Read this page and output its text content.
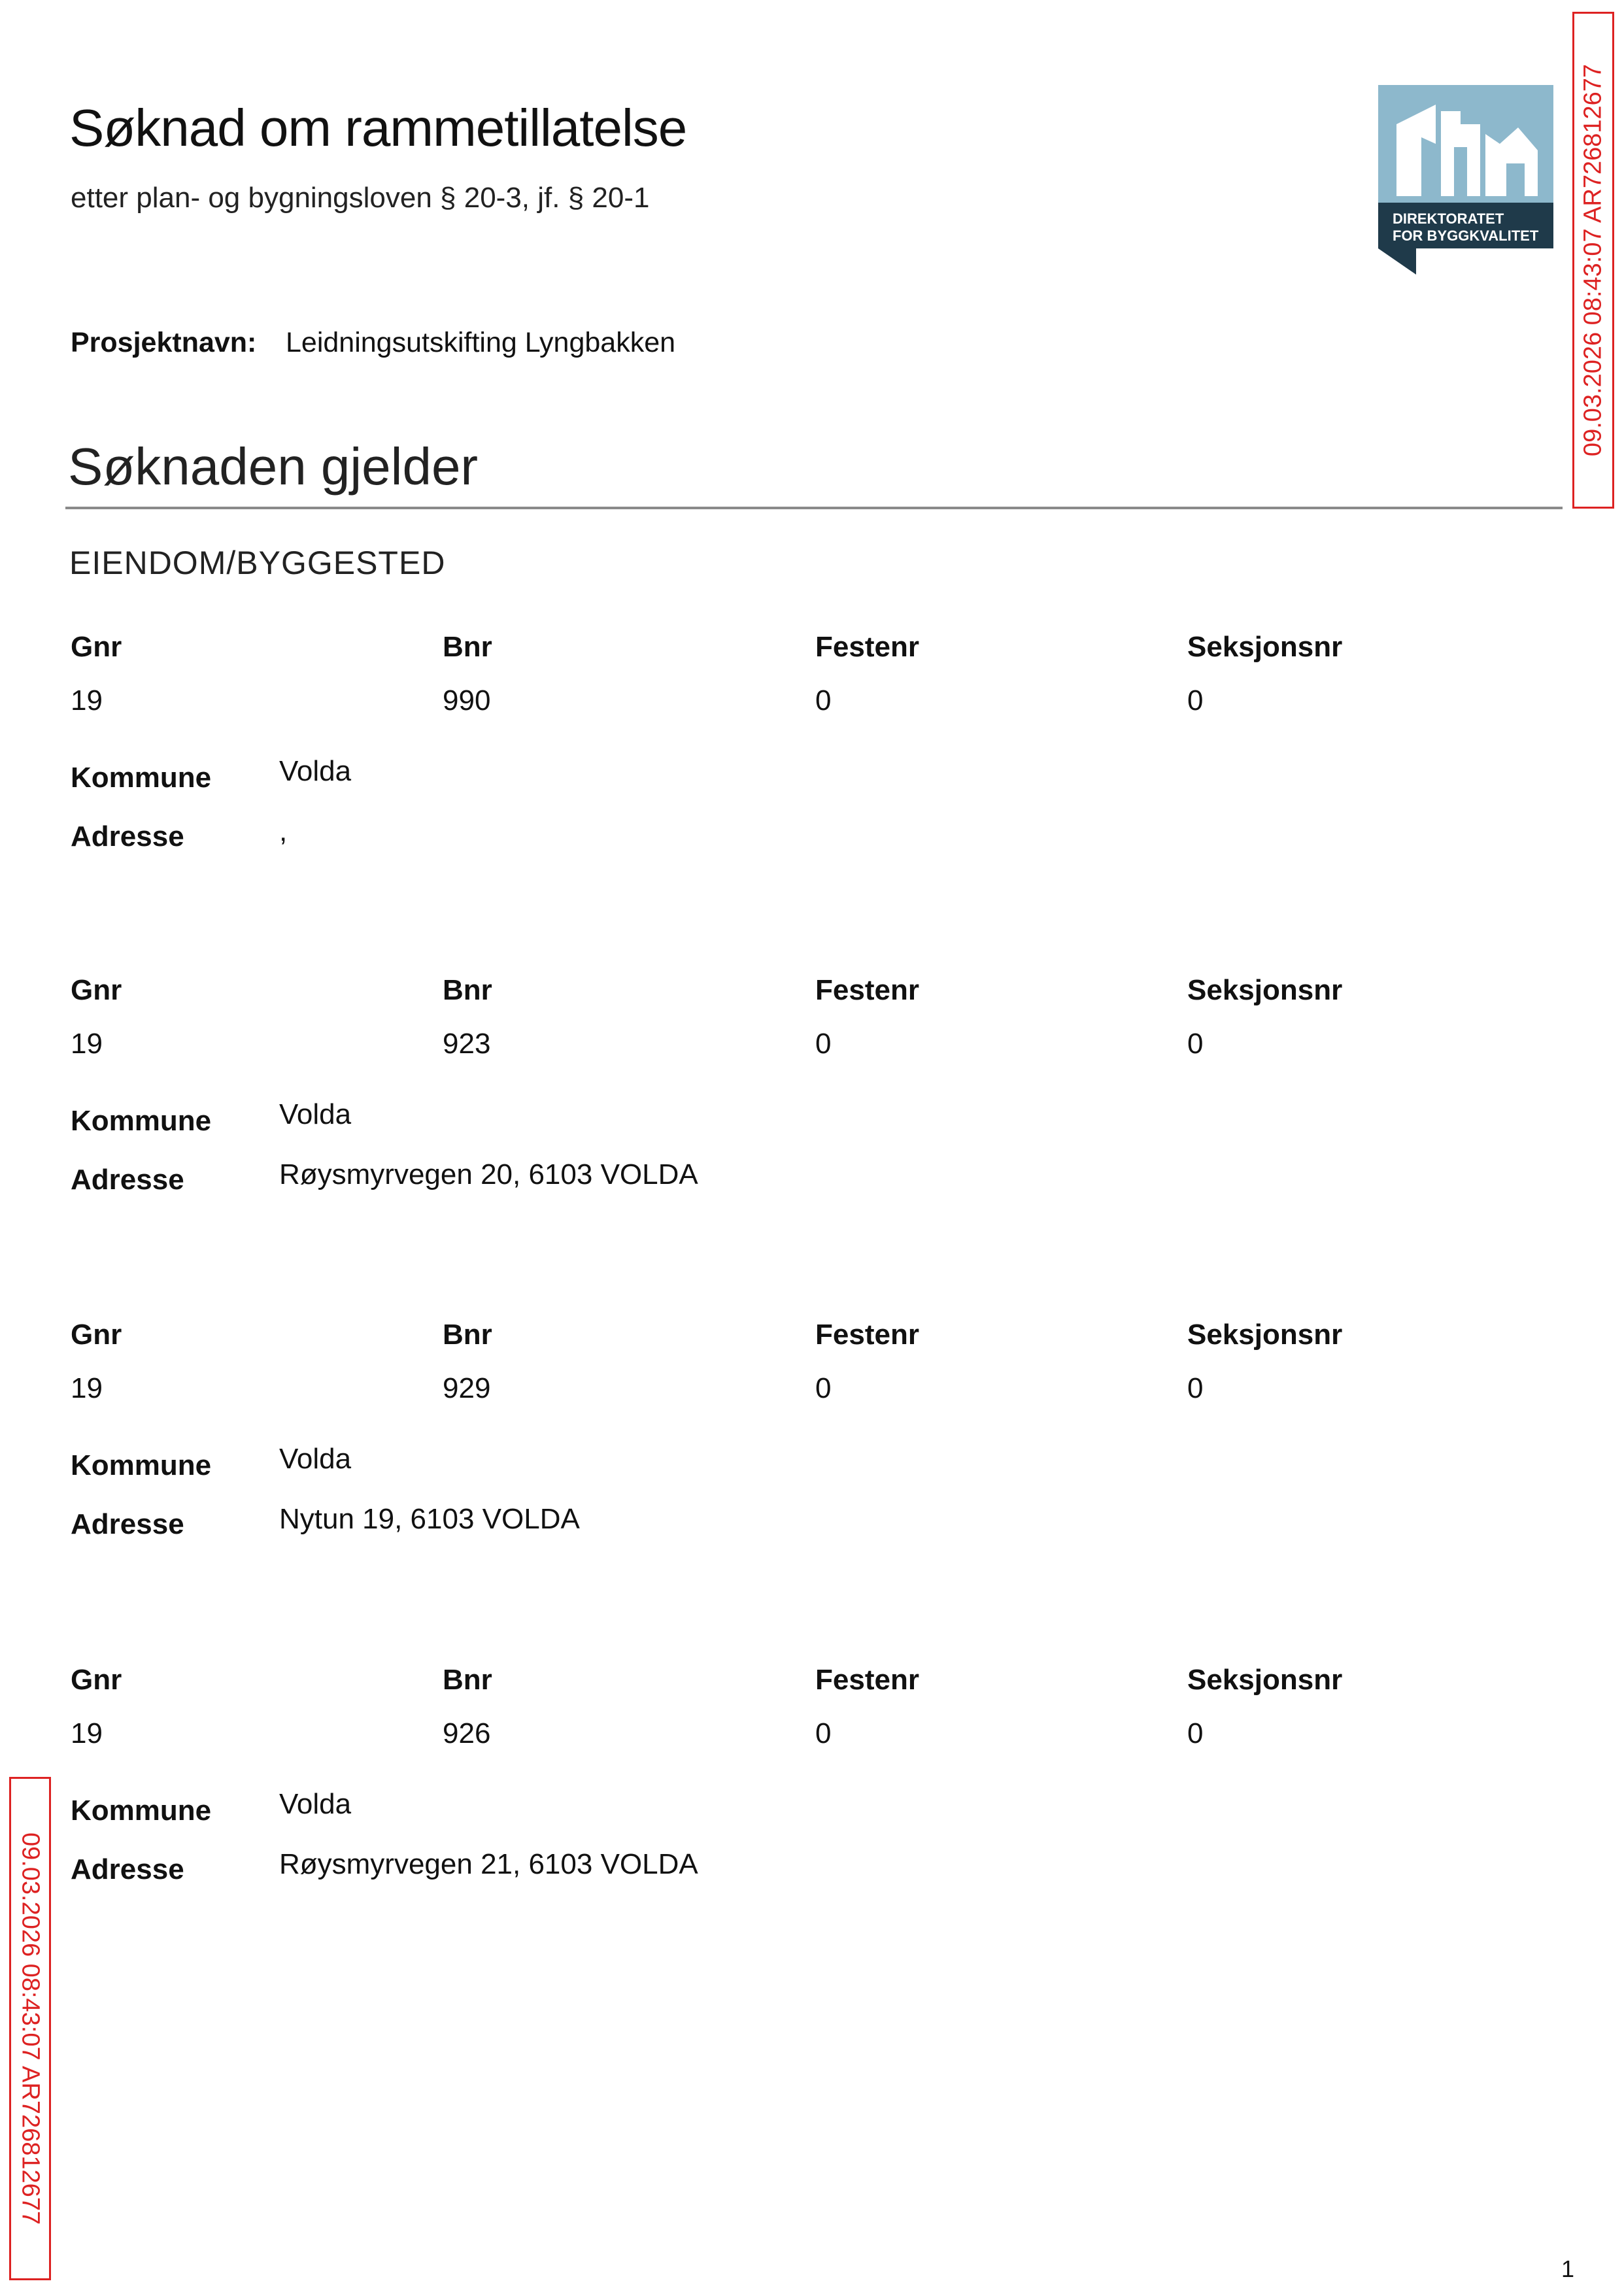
Søknad om rammetillatelse
etter plan- og bygningsloven § 20-3, jf. § 20-1
DIREKTORATET
FOR BYGGKVALITET 09.03.2026 08:43:07 AR726812677
Prosjektnavn: Leidningsutskifting Lyngbakken
Søknaden gjelder
EIENDOM/BYGGESTED
Gnr	Bnr	Festenr	Seksjonsnr
19	990	0	0
Kommune Volda
Adresse	,
Gnr	Bnr	Festenr	Seksjonsnr
19	923	0	0
Kommune Volda
Adresse	Røysmyrvegen 20, 6103 VOLDA
Gnr	Bnr	Festenr	Seksjonsnr
19	929	0	0
Kommune Volda
Adresse	Nytun 19, 6103 VOLDA
Gnr	Bnr	Festenr	Seksjonsnr
19	926	0	0
Kommune Volda
Adresse	Røysmyrvegen 21, 6103 VOLDA
09.03.2026 08:43:07 AR726812677
1
